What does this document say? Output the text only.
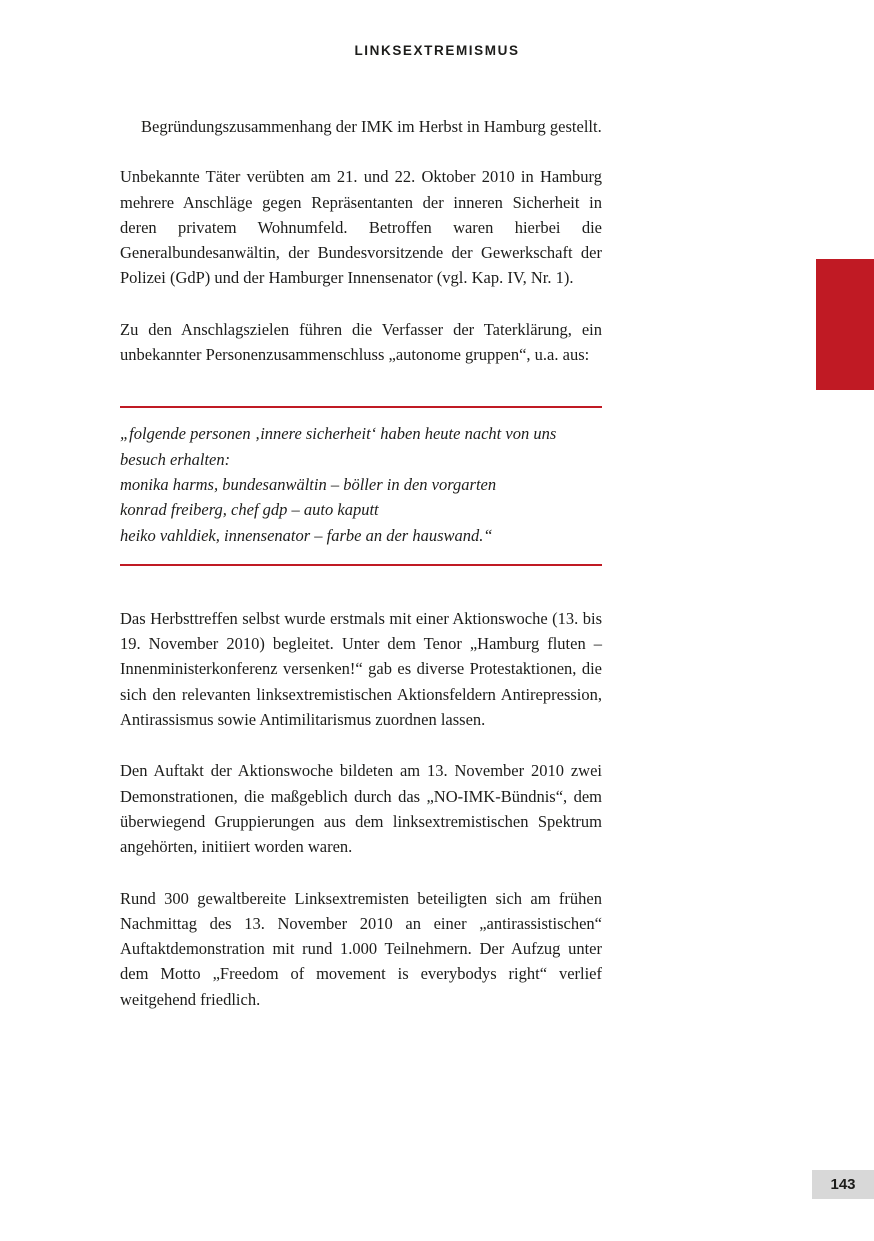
LINKSEXTREMISMUS

Begründungszusammenhang der IMK im Herbst in Hamburg gestellt.

Unbekannte Täter verübten am 21. und 22. Oktober 2010 in Hamburg mehrere Anschläge gegen Repräsentanten der inneren Sicherheit in deren privatem Wohnumfeld. Betroffen waren hierbei die Generalbundesanwältin, der Bundesvorsitzende der Gewerkschaft der Polizei (GdP) und der Hamburger Innensenator (vgl. Kap. IV, Nr. 1).

Zu den Anschlagszielen führen die Verfasser der Taterklärung, ein unbekannter Personenzusammenschluss „autonome gruppen“, u.a. aus:

„folgende personen ‚innere sicherheit‘ haben heute nacht von uns besuch erhalten:
monika harms, bundesanwältin – böller in den vorgarten
konrad freiberg, chef gdp – auto kaputt
heiko vahldiek, innensenator – farbe an der hauswand.“

Das Herbsttreffen selbst wurde erstmals mit einer Aktionswoche (13. bis 19. November 2010) begleitet. Unter dem Tenor „Hamburg fluten – Innenministerkonferenz versenken!“ gab es diverse Protestaktionen, die sich den relevanten linksextremistischen Aktionsfeldern Antirepression, Antirassismus sowie Antimilitarismus zuordnen lassen.

Den Auftakt der Aktionswoche bildeten am 13. November 2010 zwei Demonstrationen, die maßgeblich durch das „NO-IMK-Bündnis“, dem überwiegend Gruppierungen aus dem linksextremistischen Spektrum angehörten, initiiert worden waren.

Rund 300 gewaltbereite Linksextremisten beteiligten sich am frühen Nachmittag des 13. November 2010 an einer „antirassistischen“ Auftaktdemonstration mit rund 1.000 Teilnehmern. Der Aufzug unter dem Motto „Freedom of movement is everybodys right“ verlief weitgehend friedlich.

143
